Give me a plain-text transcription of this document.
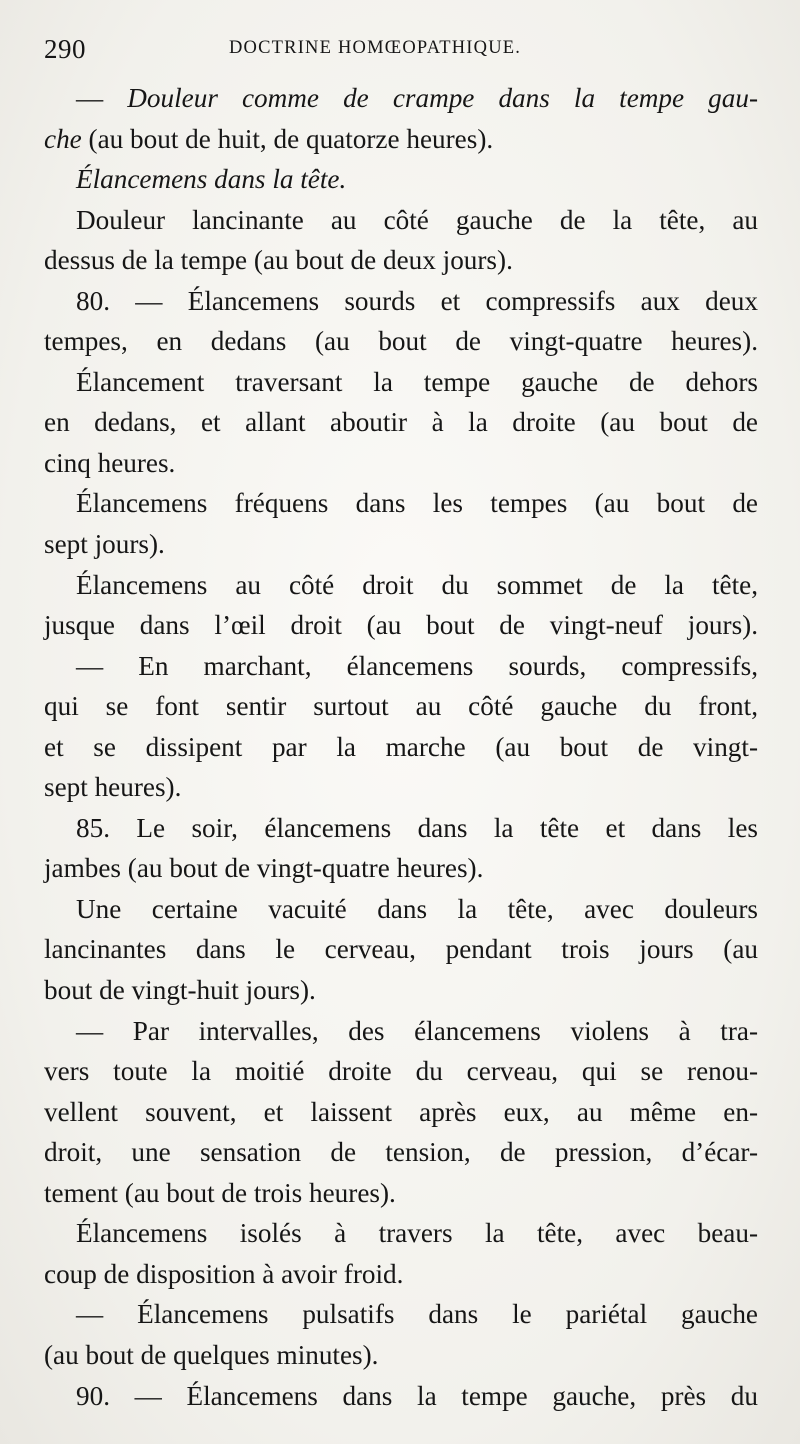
290	DOCTRINE HOMŒOPATHIQUE.
— Douleur comme de crampe dans la tempe gau-
che (au bout de huit, de quatorze heures).
Élancemens dans la tête.
Douleur lancinante au côté gauche de la tête, au
dessus de la tempe (au bout de deux jours).
80. — Élancemens sourds et compressifs aux deux
tempes, en dedans (au bout de vingt-quatre heures).
Élancement traversant la tempe gauche de dehors
en dedans, et allant aboutir à la droite (au bout de
cinq heures.
Élancemens fréquens dans les tempes (au bout de
sept jours).
Élancemens au côté droit du sommet de la tête,
jusque dans l’œil droit (au bout de vingt-neuf jours).
— En marchant, élancemens sourds, compressifs,
qui se font sentir surtout au côté gauche du front,
et se dissipent par la marche (au bout de vingt-
sept heures).
85. Le soir, élancemens dans la tête et dans les
jambes (au bout de vingt-quatre heures).
Une certaine vacuité dans la tête, avec douleurs
lancinantes dans le cerveau, pendant trois jours (au
bout de vingt-huit jours).
— Par intervalles, des élancemens violens à tra-
vers toute la moitié droite du cerveau, qui se renou-
vellent souvent, et laissent après eux, au même en-
droit, une sensation de tension, de pression, d’écar-
tement (au bout de trois heures).
Élancemens isolés à travers la tête, avec beau-
coup de disposition à avoir froid.
— Élancemens pulsatifs dans le pariétal gauche
(au bout de quelques minutes).
90. — Élancemens dans la tempe gauche, près du
